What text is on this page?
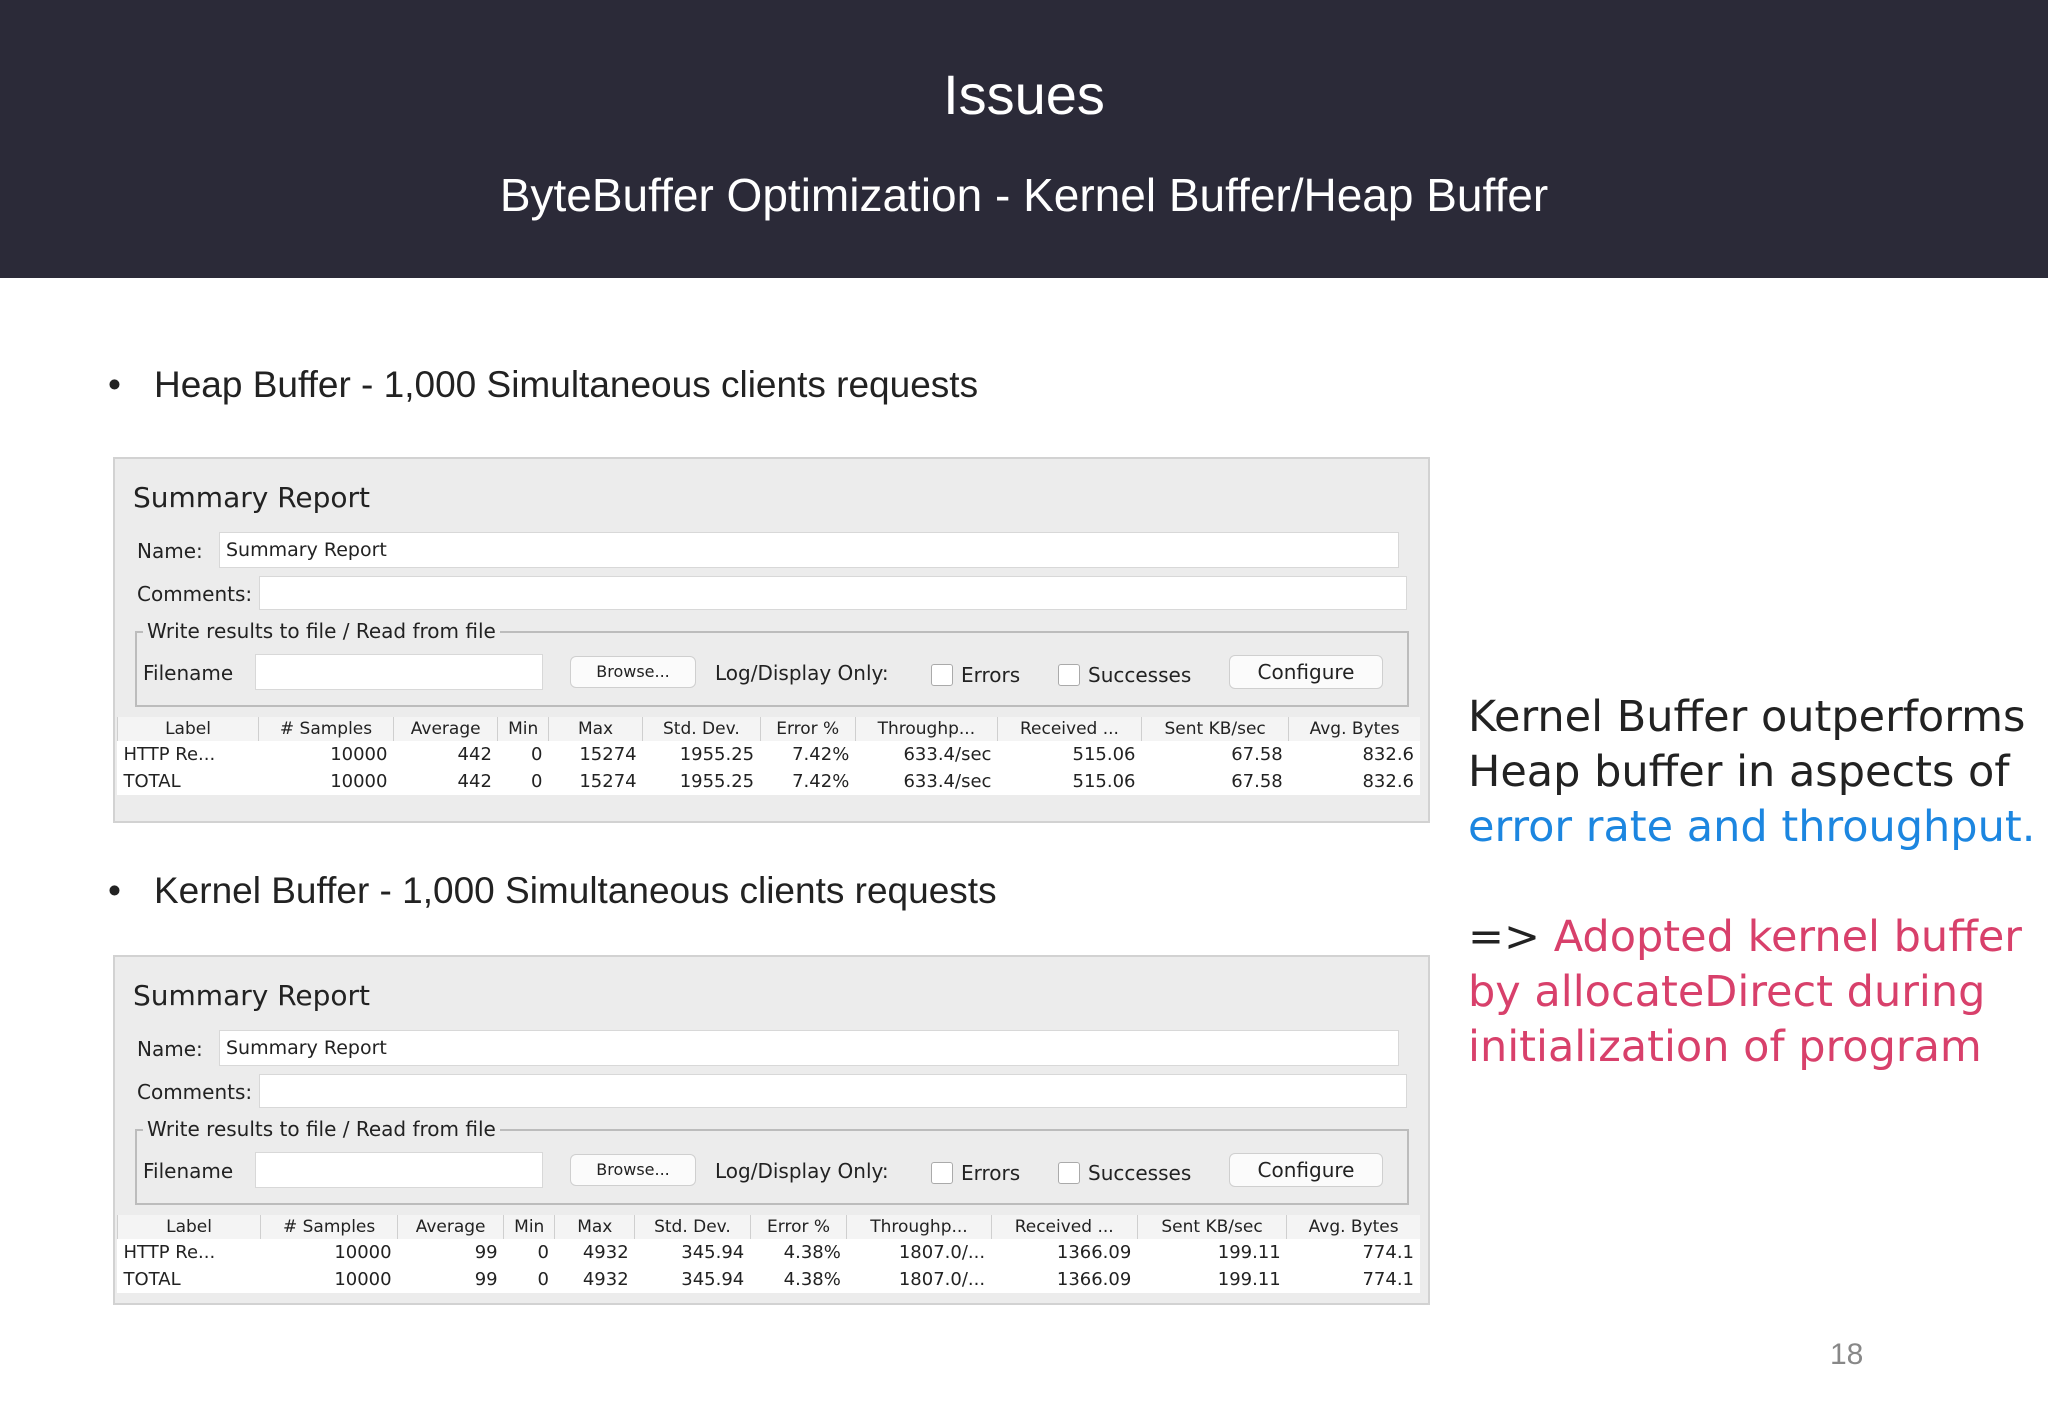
Issues
ByteBuffer Optimization - Kernel Buffer/Heap Buffer
• Heap Buffer - 1,000 Simultaneous clients requests
Summary Report
Name:	Summary Report
Comments:
Write results to file / Read from file
Filename	Browse...	Log/Display Only:	Errors	Successes	Configure
Label	# Samples	Average	Min	Max	Std. Dev.	Error %	Throughp...	Received ...	Sent KB/sec	Avg. Bytes
HTTP Re...	10000	442	0	15274	1955.25	7.42%	633.4/sec	515.06	67.58	832.6
TOTAL	10000	442	0	15274	1955.25	7.42%	633.4/sec	515.06	67.58	832.6
• Kernel Buffer - 1,000 Simultaneous clients requests
Summary Report
Name:	Summary Report
Comments:
Write results to file / Read from file
Filename	Browse...	Log/Display Only:	Errors	Successes	Configure
Label	# Samples	Average	Min	Max	Std. Dev.	Error %	Throughp...	Received ...	Sent KB/sec	Avg. Bytes
HTTP Re...	10000	99	0	4932	345.94	4.38%	1807.0/...	1366.09	199.11	774.1
TOTAL	10000	99	0	4932	345.94	4.38%	1807.0/...	1366.09	199.11	774.1
Kernel Buffer outperforms
Heap buffer in aspects of
error rate and throughput.
=> Adopted kernel buffer
by allocateDirect during
initialization of program
18
